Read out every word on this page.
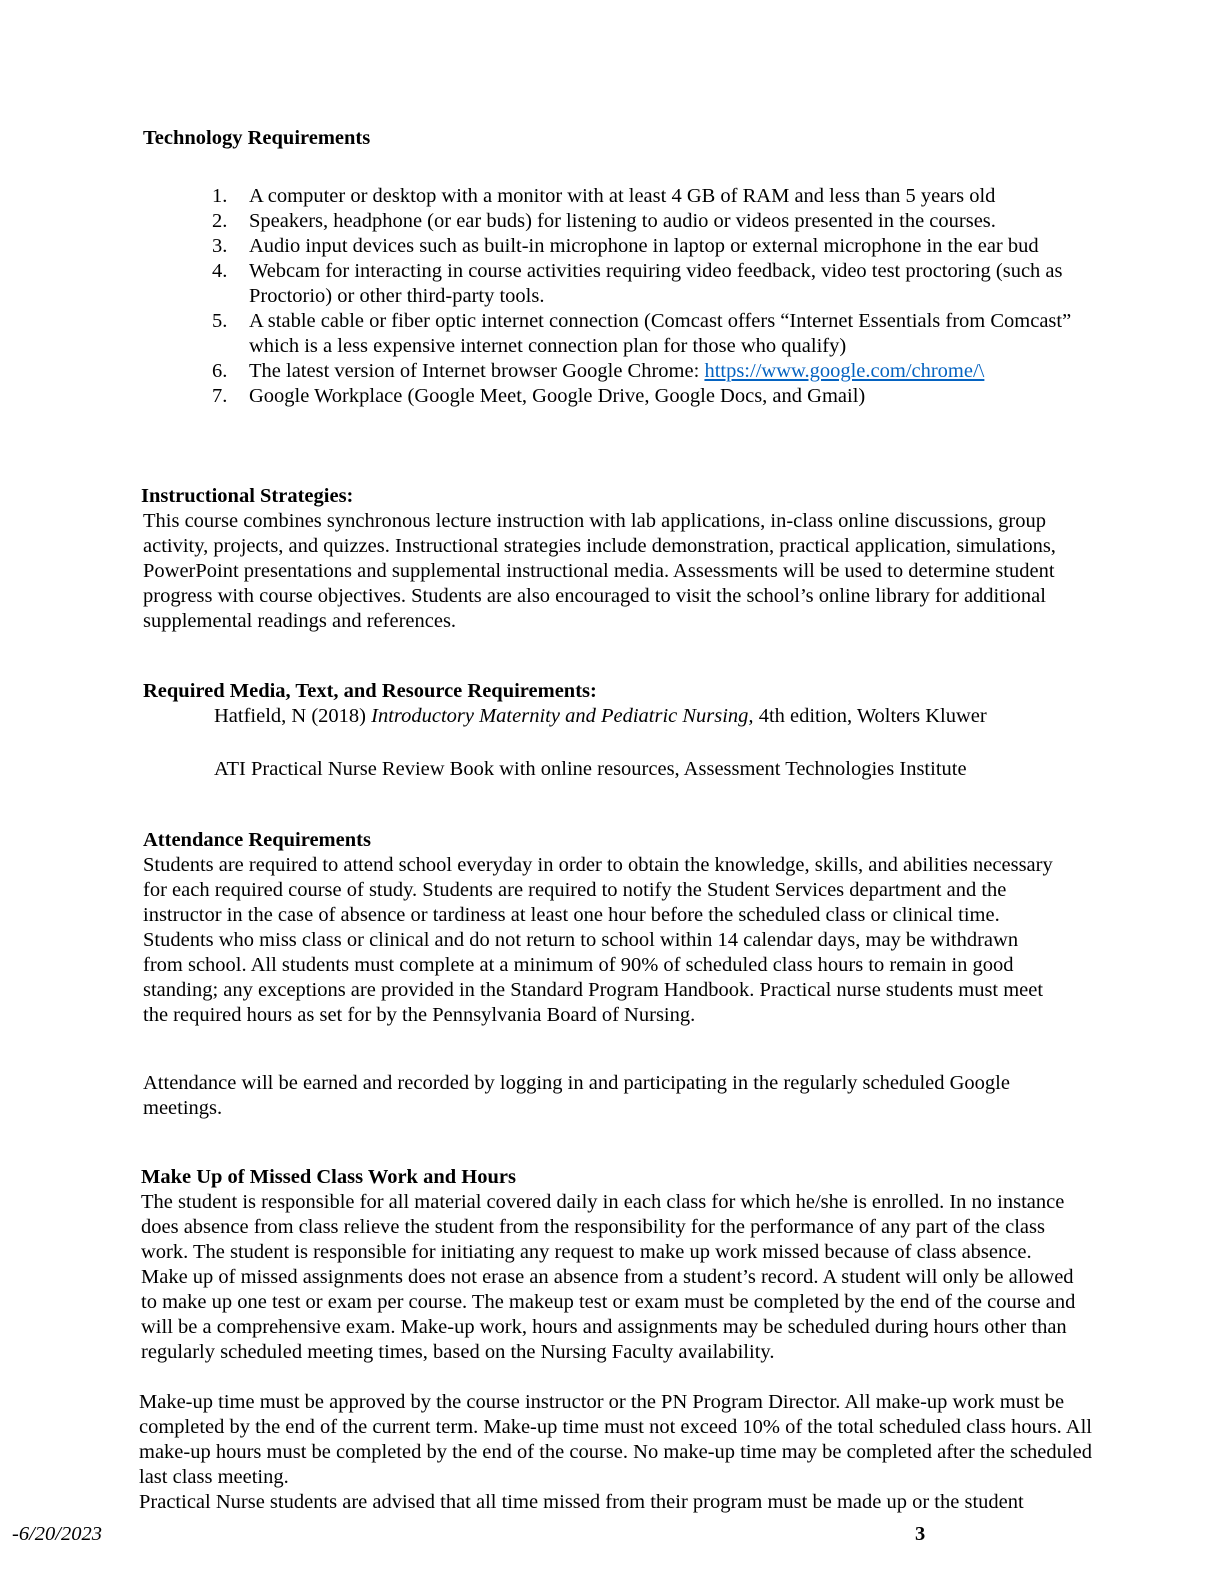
Technology Requirements
1. A computer or desktop with a monitor with at least 4 GB of RAM and less than 5 years old
2. Speakers, headphone (or ear buds) for listening to audio or videos presented in the courses.
3. Audio input devices such as built-in microphone in laptop or external microphone in the ear bud
4. Webcam for interacting in course activities requiring video feedback, video test proctoring (such as Proctorio) or other third-party tools.
5. A stable cable or fiber optic internet connection (Comcast offers “Internet Essentials from Comcast” which is a less expensive internet connection plan for those who qualify)
6. The latest version of Internet browser Google Chrome: https://www.google.com/chrome/\
7. Google Workplace (Google Meet, Google Drive, Google Docs, and Gmail)
Instructional Strategies:

This course combines synchronous lecture instruction with lab applications, in-class online discussions, group activity, projects, and quizzes. Instructional strategies include demonstration, practical application, simulations, PowerPoint presentations and supplemental instructional media. Assessments will be used to determine student progress with course objectives. Students are also encouraged to visit the school’s online library for additional supplemental readings and references.

Required Media, Text, and Resource Requirements:

Hatfield, N (2018) Introductory Maternity and Pediatric Nursing, 4th edition, Wolters Kluwer

ATI Practical Nurse Review Book with online resources, Assessment Technologies Institute

Attendance Requirements

Students are required to attend school everyday in order to obtain the knowledge, skills, and abilities necessary for each required course of study. Students are required to notify the Student Services department and the instructor in the case of absence or tardiness at least one hour before the scheduled class or clinical time. Students who miss class or clinical and do not return to school within 14 calendar days, may be withdrawn from school. All students must complete at a minimum of 90% of scheduled class hours to remain in good standing; any exceptions are provided in the Standard Program Handbook. Practical nurse students must meet the required hours as set for by the Pennsylvania Board of Nursing.

Attendance will be earned and recorded by logging in and participating in the regularly scheduled Google meetings.

Make Up of Missed Class Work and Hours

The student is responsible for all material covered daily in each class for which he/she is enrolled. In no instance does absence from class relieve the student from the responsibility for the performance of any part of the class work. The student is responsible for initiating any request to make up work missed because of class absence. Make up of missed assignments does not erase an absence from a student’s record. A student will only be allowed to make up one test or exam per course. The makeup test or exam must be completed by the end of the course and will be a comprehensive exam. Make-up work, hours and assignments may be scheduled during hours other than regularly scheduled meeting times, based on the Nursing Faculty availability.

Make-up time must be approved by the course instructor or the PN Program Director. All make-up work must be completed by the end of the current term. Make-up time must not exceed 10% of the total scheduled class hours. All make-up hours must be completed by the end of the course. No make-up time may be completed after the scheduled last class meeting.

Practical Nurse students are advised that all time missed from their program must be made up or the student

-6/20/2023	3
